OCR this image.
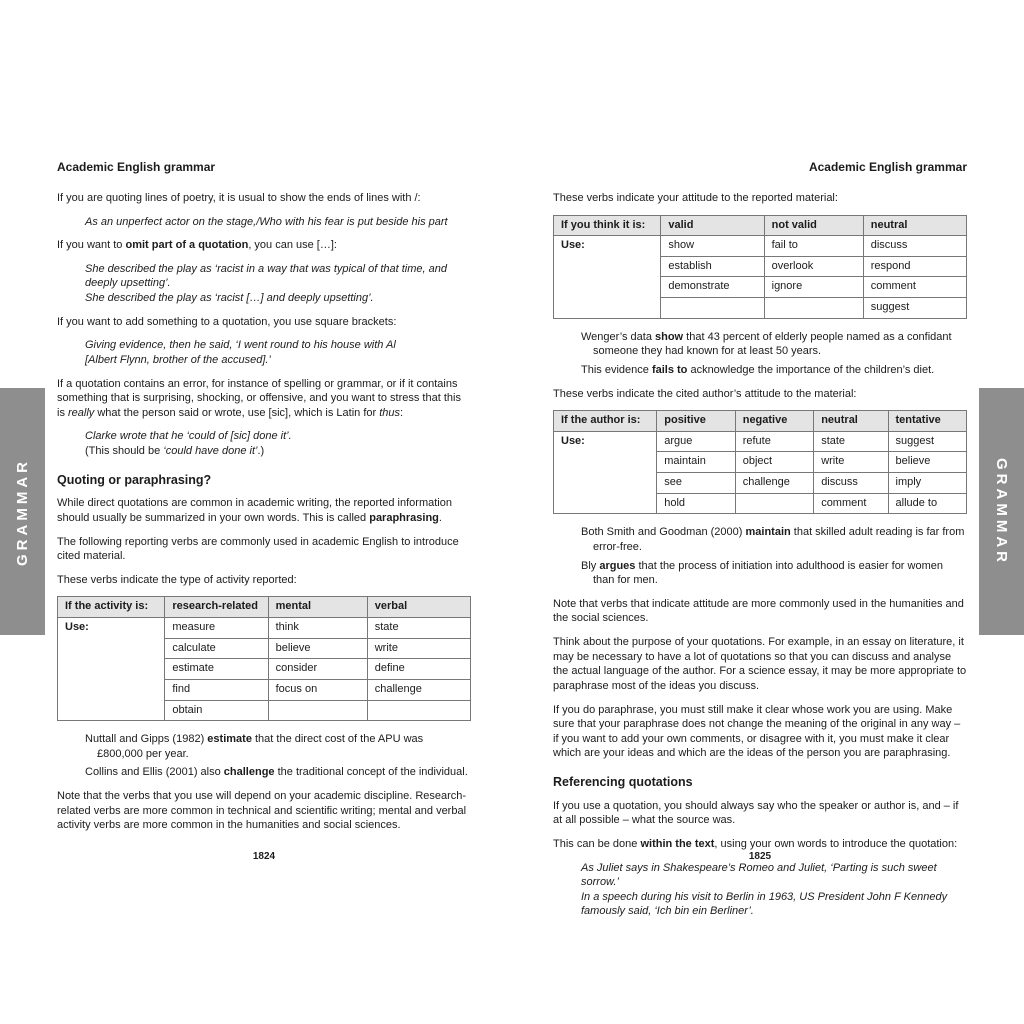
GRAMMAR	GRAMMAR
Academic English grammar

If you are quoting lines of poetry, it is usual to show the ends of lines with /:

As an unperfect actor on the stage,/Who with his fear is put beside his part

If you want to omit part of a quotation, you can use […]:

She described the play as ‘racist in a way that was typical of that time, and deeply upsetting’.
She described the play as ‘racist […] and deeply upsetting’.

If you want to add something to a quotation, you use square brackets:

Giving evidence, then he said, ‘I went round to his house with Al
[Albert Flynn, brother of the accused].’

If a quotation contains an error, for instance of spelling or grammar, or if it contains something that is surprising, shocking, or offensive, and you want to stress that this is really what the person said or wrote, use [sic], which is Latin for thus:

Clarke wrote that he ‘could of [sic] done it’.
(This should be ‘could have done it’.)
Quoting or paraphrasing?

While direct quotations are common in academic writing, the reported information should usually be summarized in your own words. This is called paraphrasing.

The following reporting verbs are commonly used in academic English to introduce cited material.

These verbs indicate the type of activity reported:

If the activity is:	research-related	mental	verbal
Use:	measure	think	state
	calculate	believe	write
	estimate	consider	define
	find	focus on	challenge
	obtain		
Nuttall and Gipps (1982) estimate that the direct cost of the APU was £800,000 per year.
Collins and Ellis (2001) also challenge the traditional concept of the individual.

Note that the verbs that you use will depend on your academic discipline. Research-related verbs are more common in technical and scientific writing; mental and verbal activity verbs are more common in the humanities and social sciences.

1824
Academic English grammar

These verbs indicate your attitude to the reported material:

If you think it is:	valid	not valid	neutral
Use:	show	fail to	discuss
	establish	overlook	respond
	demonstrate	ignore	comment
			suggest
Wenger’s data show that 43 percent of elderly people named as a confidant someone they had known for at least 50 years.
This evidence fails to acknowledge the importance of the children’s diet.

These verbs indicate the cited author’s attitude to the material:

If the author is:	positive	negative	neutral	tentative
Use:	argue	refute	state	suggest
	maintain	object	write	believe
	see	challenge	discuss	imply
	hold		comment	allude to
Both Smith and Goodman (2000) maintain that skilled adult reading is far from error-free.
Bly argues that the process of initiation into adulthood is easier for women than for men.

Note that verbs that indicate attitude are more commonly used in the humanities and the social sciences.

Think about the purpose of your quotations. For example, in an essay on literature, it may be necessary to have a lot of quotations so that you can discuss and analyse the actual language of the author. For a science essay, it may be more appropriate to paraphrase most of the ideas you discuss.

If you do paraphrase, you must still make it clear whose work you are using. Make sure that your paraphrase does not change the meaning of the original in any way – if you want to add your own comments, or disagree with it, you must make it clear which are your ideas and which are the ideas of the person you are paraphrasing.

Referencing quotations

If you use a quotation, you should always say who the speaker or author is, and – if at all possible – what the source was.

This can be done within the text, using your own words to introduce the quotation:

As Juliet says in Shakespeare’s Romeo and Juliet, ‘Parting is such sweet sorrow.’
In a speech during his visit to Berlin in 1963, US President John F Kennedy famously said, ‘Ich bin ein Berliner’.
1825
